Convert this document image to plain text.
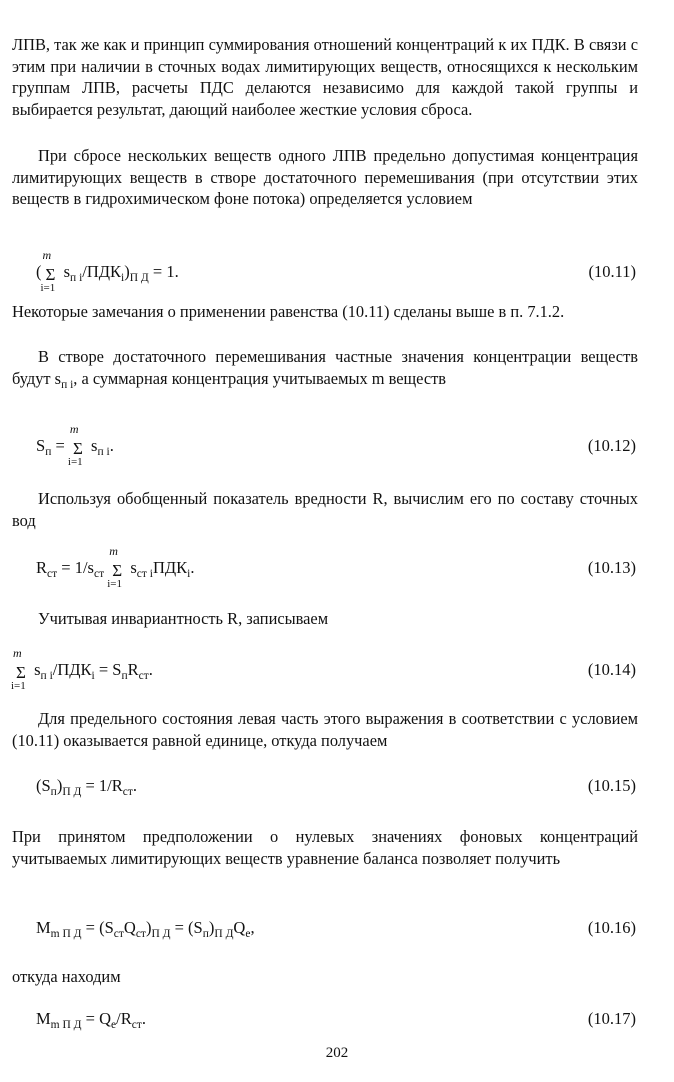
ЛПВ, так же как и принцип суммирования отношений концентраций к их ПДК. В связи с этим при наличии в сточных водах лимитирующих веществ, относящихся к нескольким группам ЛПВ, расчеты ПДС делаются независимо для каждой такой группы и выбирается результат, дающий наиболее жесткие условия сброса.

При сбросе нескольких веществ одного ЛПВ предельно допустимая концентрация лимитирующих веществ в створе достаточного перемешивания (при отсутствии этих веществ в гидрохимическом фоне потока) определяется условием

(
m
Σ
i=1
$s_{п i}/ПДК_i)_{П Д} = 1$.	(10.11)

Некоторые замечания о применении равенства (10.11) сделаны выше в п. 7.1.2.

В створе достаточного перемешивания частные значения концентрации веществ будут $s_{п i}$, а суммарная концентрация учитываемых m веществ

$S_п$ =
m
Σ
i=1
$s_{п i}$.	(10.12)

Используя обобщенный показатель вредности R, вычислим его по составу сточных вод

$R_{ст} = 1/s_{ст}$
m
Σ
i=1
$s_{ст i}ПДК_i$.	(10.13)

Учитывая инвариантность R, записываем

m
Σ
i=1
$s_{п i}/ПДК_i = S_пR_{ст}$.	(10.14)

Для предельного состояния левая часть этого выражения в соответствии с условием (10.11) оказывается равной единице, откуда получаем

$(S_п)_{П Д} = 1/R_{ст}$.	(10.15)

При принятом предположении о нулевых значениях фоновых концентраций учитываемых лимитирующих веществ уравнение баланса позволяет получить

$M_{m П Д} = (S_{ст}Q_{ст})_{П Д} = (S_п)_{П Д}Q_e$,	(10.16)

откуда находим

$M_{m П Д} = Q_e/R_{ст}$.	(10.17)
202
